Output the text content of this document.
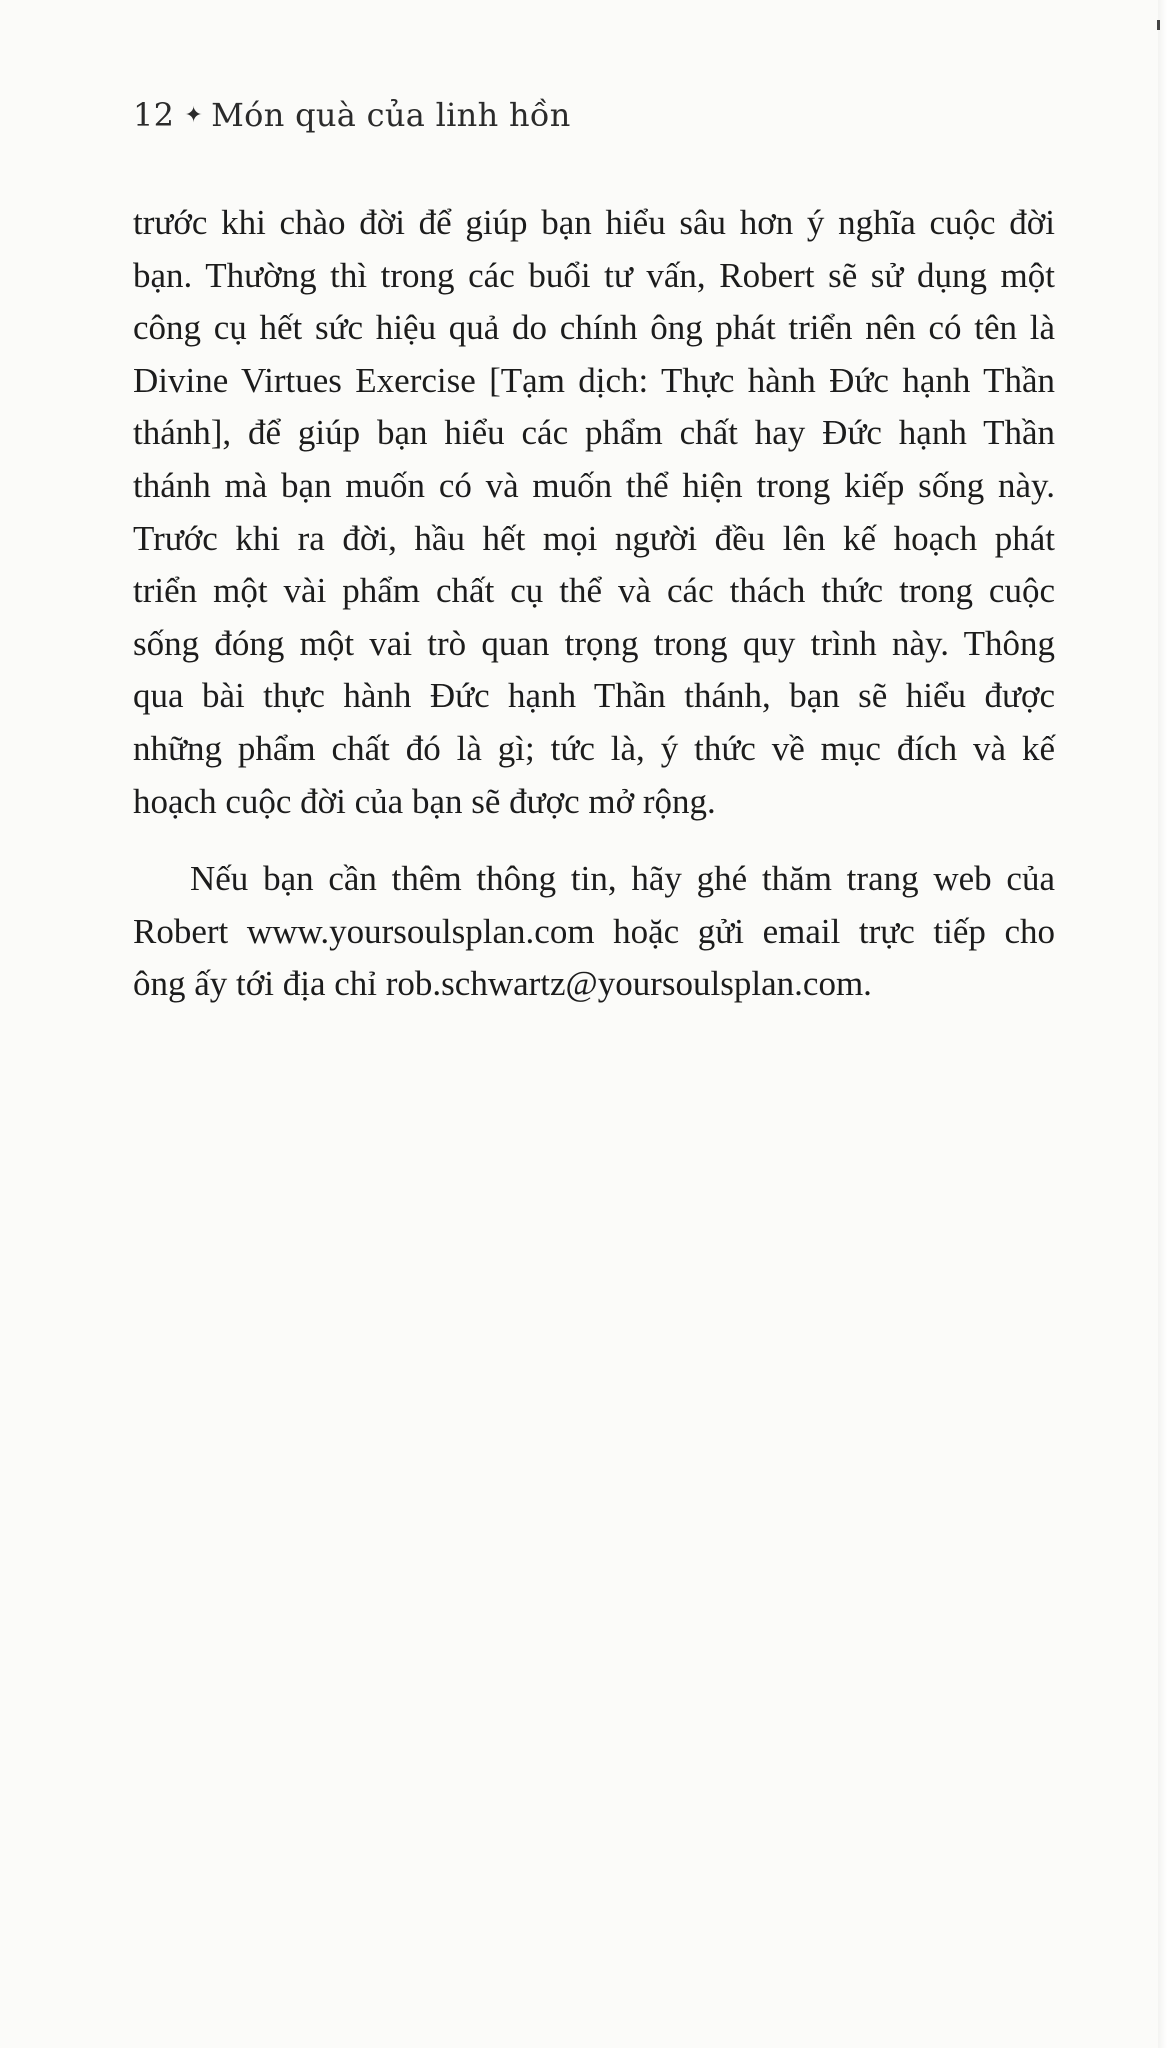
12 ✦ Món quà của linh hồn
trước khi chào đời để giúp bạn hiểu sâu hơn ý nghĩa cuộc đời
bạn. Thường thì trong các buổi tư vấn, Robert sẽ sử dụng một
công cụ hết sức hiệu quả do chính ông phát triển nên có tên là
Divine Virtues Exercise [Tạm dịch: Thực hành Đức hạnh Thần
thánh], để giúp bạn hiểu các phẩm chất hay Đức hạnh Thần
thánh mà bạn muốn có và muốn thể hiện trong kiếp sống này.
Trước khi ra đời, hầu hết mọi người đều lên kế hoạch phát
triển một vài phẩm chất cụ thể và các thách thức trong cuộc
sống đóng một vai trò quan trọng trong quy trình này. Thông
qua bài thực hành Đức hạnh Thần thánh, bạn sẽ hiểu được
những phẩm chất đó là gì; tức là, ý thức về mục đích và kế
hoạch cuộc đời của bạn sẽ được mở rộng.
Nếu bạn cần thêm thông tin, hãy ghé thăm trang web của
Robert www.yoursoulsplan.com hoặc gửi email trực tiếp cho
ông ấy tới địa chỉ rob.schwartz@yoursoulsplan.com.
